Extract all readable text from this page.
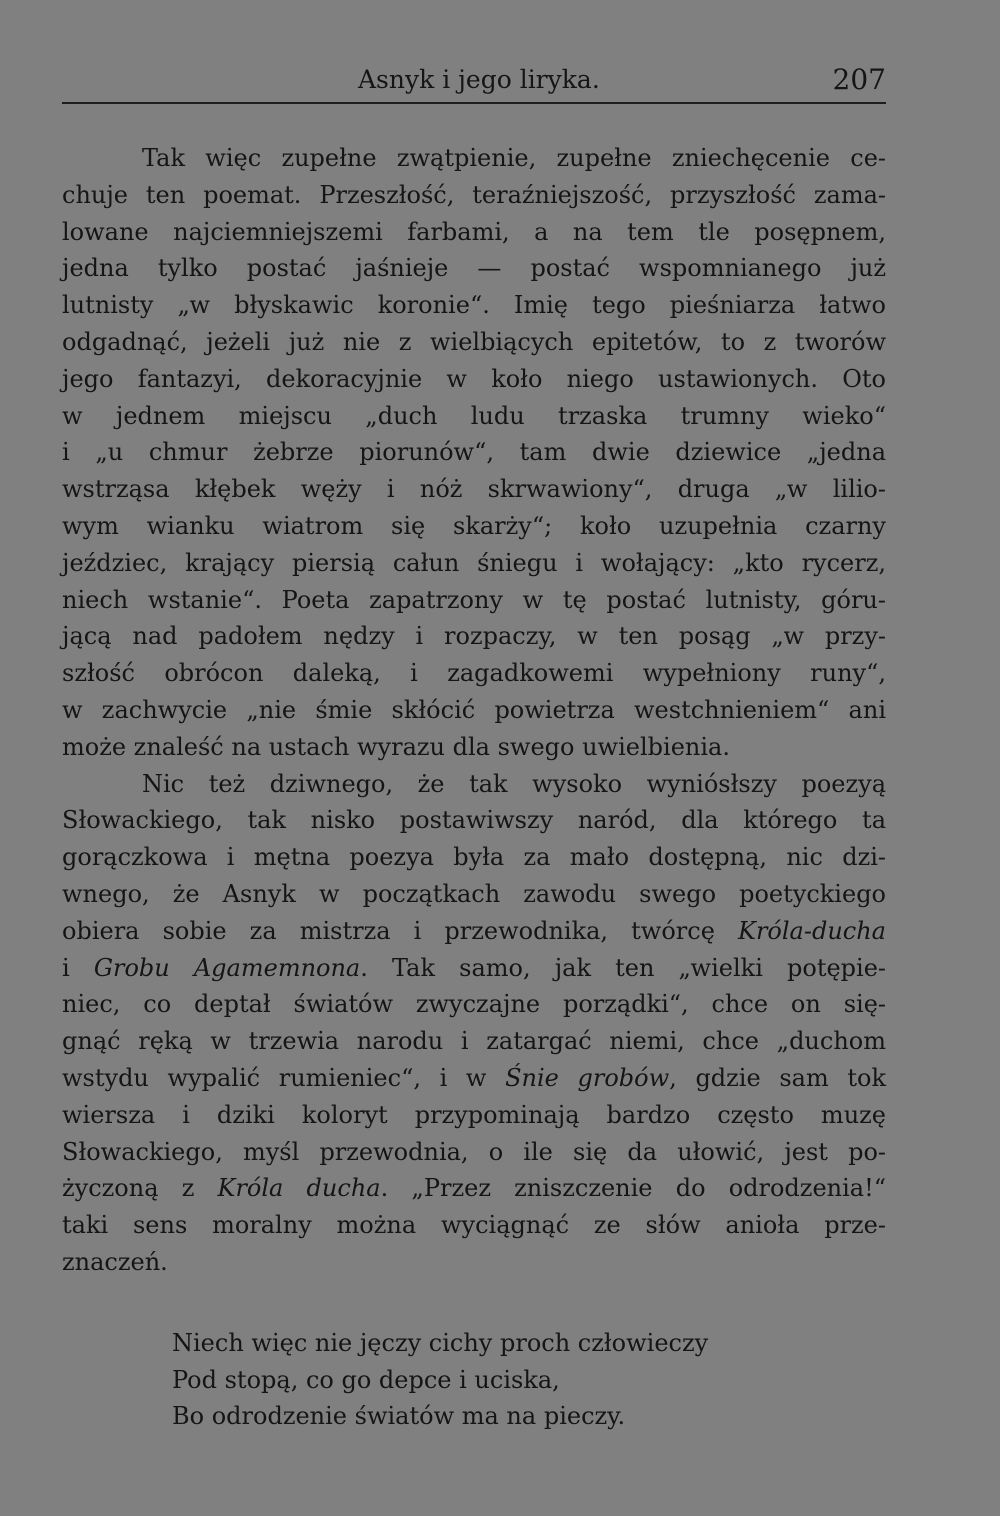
Asnyk i jego liryka.	207
Tak więc zupełne zwątpienie, zupełne zniechęcenie ce-
chuje ten poemat. Przeszłość, teraźniejszość, przyszłość zama-
lowane najciemniejszemi farbami, a na tem tle posępnem,
jedna tylko postać jaśnieje — postać wspomnianego już
lutnisty „w błyskawic koronie“. Imię tego pieśniarza łatwo
odgadnąć, jeżeli już nie z wielbiących epitetów, to z tworów
jego fantazyi, dekoracyjnie w koło niego ustawionych. Oto
w jednem miejscu „duch ludu trzaska trumny wieko“
i „u chmur żebrze piorunów“, tam dwie dziewice „jedna
wstrząsa kłębek węży i nóż skrwawiony“, druga „w lilio-
wym wianku wiatrom się skarży“; koło uzupełnia czarny
jeździec, krający piersią całun śniegu i wołający: „kto rycerz,
niech wstanie“. Poeta zapatrzony w tę postać lutnisty, góru-
jącą nad padołem nędzy i rozpaczy, w ten posąg „w przy-
szłość obrócon daleką, i zagadkowemi wypełniony runy“,
w zachwycie „nie śmie skłócić powietrza westchnieniem“ ani
może znaleść na ustach wyrazu dla swego uwielbienia.
Nic też dziwnego, że tak wysoko wyniósłszy poezyą
Słowackiego, tak nisko postawiwszy naród, dla którego ta
gorączkowa i mętna poezya była za mało dostępną, nic dzi-
wnego, że Asnyk w początkach zawodu swego poetyckiego
obiera sobie za mistrza i przewodnika, twórcę Króla-ducha
i Grobu Agamemnona. Tak samo, jak ten „wielki potępie-
niec, co deptał światów zwyczajne porządki“, chce on się-
gnąć ręką w trzewia narodu i zatargać niemi, chce „duchom
wstydu wypalić rumieniec“, i w Śnie grobów, gdzie sam tok
wiersza i dziki koloryt przypominają bardzo często muzę
Słowackiego, myśl przewodnia, o ile się da ułowić, jest po-
życzoną z Króla ducha. „Przez zniszczenie do odrodzenia!“
taki sens moralny można wyciągnąć ze słów anioła prze-
znaczeń.
Niech więc nie jęczy cichy proch człowieczy
Pod stopą, co go depce i uciska,
Bo odrodzenie światów ma na pieczy.
